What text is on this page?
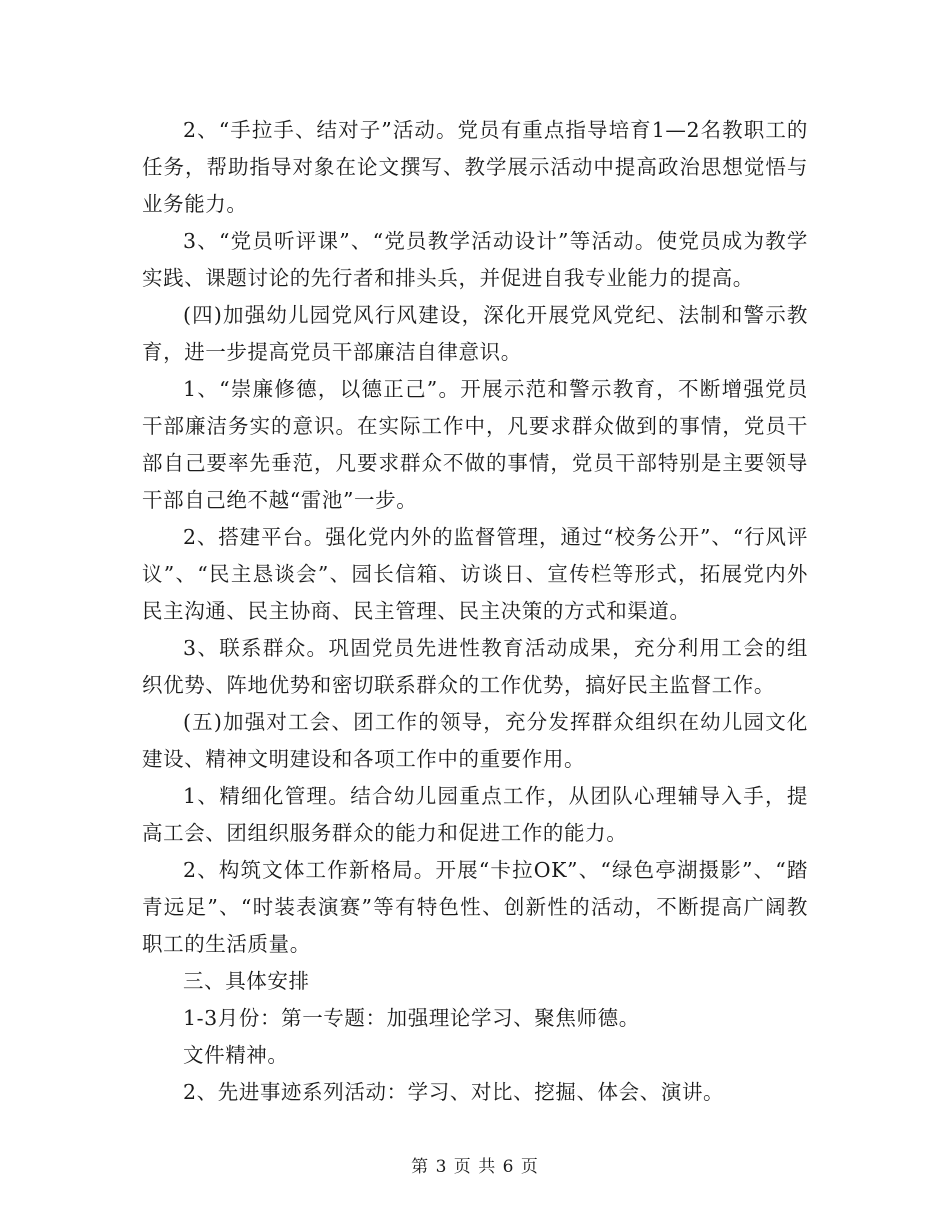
2、“手拉手、结对子”活动。党员有重点指导培育1—2名教职工的任务，帮助指导对象在论文撰写、教学展示活动中提高政治思想觉悟与业务能力。

3、“党员听评课”、“党员教学活动设计”等活动。使党员成为教学实践、课题讨论的先行者和排头兵，并促进自我专业能力的提高。

(四)加强幼儿园党风行风建设，深化开展党风党纪、法制和警示教育，进一步提高党员干部廉洁自律意识。

1、“崇廉修德，以德正己”。开展示范和警示教育，不断增强党员干部廉洁务实的意识。在实际工作中，凡要求群众做到的事情，党员干部自己要率先垂范，凡要求群众不做的事情，党员干部特别是主要领导干部自己绝不越“雷池”一步。

2、搭建平台。强化党内外的监督管理，通过“校务公开”、“行风评议”、“民主恳谈会”、园长信箱、访谈日、宣传栏等形式，拓展党内外民主沟通、民主协商、民主管理、民主决策的方式和渠道。

3、联系群众。巩固党员先进性教育活动成果，充分利用工会的组织优势、阵地优势和密切联系群众的工作优势，搞好民主监督工作。

(五)加强对工会、团工作的领导，充分发挥群众组织在幼儿园文化建设、精神文明建设和各项工作中的重要作用。

1、精细化管理。结合幼儿园重点工作，从团队心理辅导入手，提高工会、团组织服务群众的能力和促进工作的能力。

2、构筑文体工作新格局。开展“卡拉OK”、“绿色亭湖摄影”、“踏青远足”、“时装表演赛”等有特色性、创新性的活动，不断提高广阔教职工的生活质量。

三、具体安排

1-3月份：第一专题：加强理论学习、聚焦师德。

文件精神。

2、先进事迹系列活动：学习、对比、挖掘、体会、演讲。

第 3 页 共 6 页
